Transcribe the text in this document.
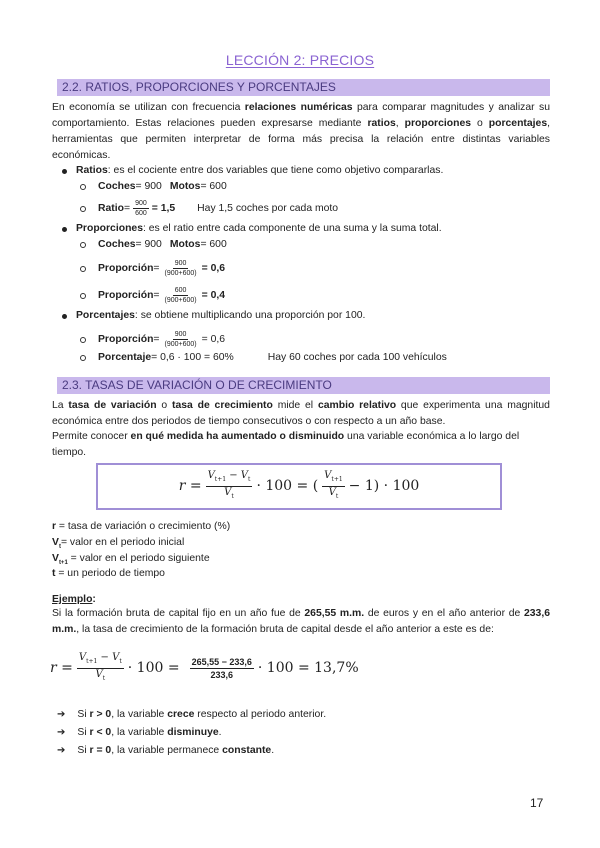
LECCIÓN 2: PRECIOS
2.2. RATIOS, PROPORCIONES Y PORCENTAJES
En economía se utilizan con frecuencia relaciones numéricas para comparar magnitudes y analizar su comportamiento. Estas relaciones pueden expresarse mediante ratios, proporciones o porcentajes, herramientas que permiten interpretar de forma más precisa la relación entre distintas variables económicas.
Ratios : es el cociente entre dos variables que tiene como objetivo compararlas.
Coches = 900 Motos = 600
Ratio = $\frac{900}{600} = 1,5$ Hay 1,5 coches por cada moto
Proporciones : es el ratio entre cada componente de una suma y la suma total.
Coches = 900 Motos = 600
Proporción = $\frac{900}{(900+600)} = 0,6$
Proporción = $\frac{600}{(900+600)} = 0,4$
Porcentajes : se obtiene multiplicando una proporción por 100.
Proporción = $\frac{900}{(900+600)} = 0,6$
Porcentaje = 0,6 · 100 = 60%	Hay 60 coches por cada 100 vehículos
2.3. TASAS DE VARIACIÓN O DE CRECIMIENTO
La tasa de variación o tasa de crecimiento mide el cambio relativo que experimenta una magnitud económica entre dos periodos de tiempo consecutivos o con respecto a un año base.
Permite conocer en qué medida ha aumentado o disminuido una variable económica a lo largo del tiempo.
$r = \frac{V_{t+1} - V_t}{V_t} \cdot 100$ = ( $\frac{V_{t+1}}{V_t} - 1) \cdot 100$
r = tasa de variación o crecimiento (%)
$V_t=$ valor en el periodo inicial
$V_{t+1}$ = valor en el periodo siguiente
t = un periodo de tiempo
Ejemplo:
Si la formación bruta de capital fijo en un año fue de 265,55 m.m. de euros y en el año anterior de 233,6 m.m., la tasa de crecimiento de la formación bruta de capital desde el año anterior a este es de:
$r = \frac{V_{t+1} - V_t}{V_t} \cdot 100 = \frac{265,55 - 233,6}{233,6} \cdot 100 = 13,7\%$
➔ Si r > 0, la variable crece respecto al periodo anterior.
➔ Si r < 0, la variable disminuye.
➔ Si r = 0, la variable permanece constante.
17
